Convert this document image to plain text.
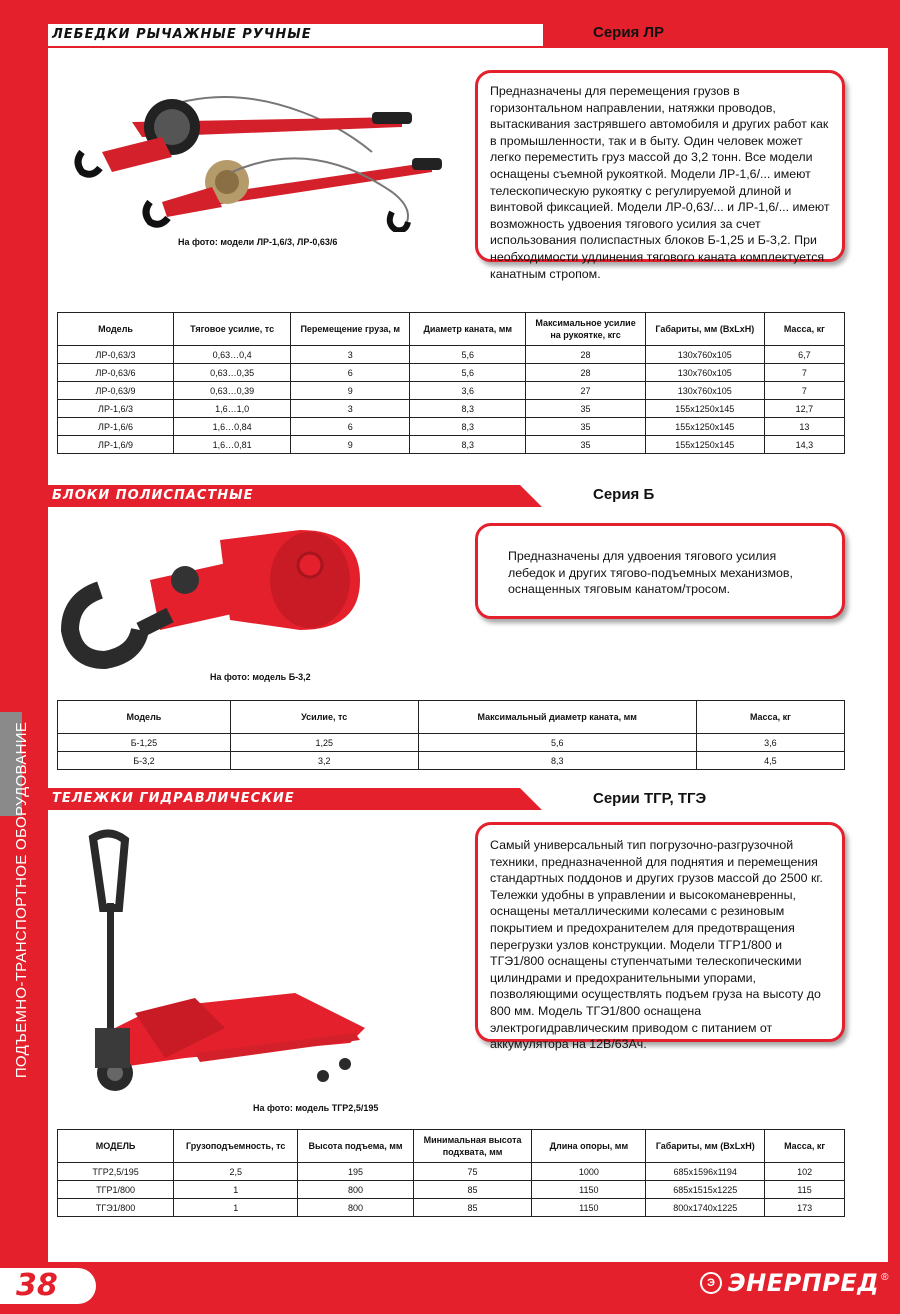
ПОДЪЕМНО-ТРАНСПОРТНОЕ ОБОРУДОВАНИЕ
ЛЕБЕДКИ РЫЧАЖНЫЕ РУЧНЫЕ	Серия ЛР
На фото: модели ЛР-1,6/3, ЛР-0,63/6
Предназначены для перемещения грузов в горизонтальном направлении, натяжки проводов, вытаскивания застрявшего автомобиля и других работ как в промышленности, так и в быту. Один человек может легко переместить груз массой до 3,2 тонн. Все модели оснащены съемной рукояткой. Модели ЛР-1,6/... имеют телескопическую рукоятку с регулируемой длиной и винтовой фиксацией. Модели ЛР-0,63/... и ЛР-1,6/... имеют возможность удвоения тягового усилия за счет использования полиспастных блоков Б-1,25 и Б-3,2. При необходимости удлинения тягового каната комплектуется канатным стропом.
Модель	Тяговое усилие, тс	Перемещение груза, м	Диаметр каната, мм	Максимальное усилие на рукоятке, кгс	Габариты, мм (ВхLхН)	Масса, кг
ЛР-0,63/3	0,63…0,4	3	5,6	28	130х760х105	6,7
ЛР-0,63/6	0,63…0,35	6	5,6	28	130х760х105	7
ЛР-0,63/9	0,63…0,39	9	3,6	27	130х760х105	7
ЛР-1,6/3	1,6…1,0	3	8,3	35	155х1250х145	12,7
ЛР-1,6/6	1,6…0,84	6	8,3	35	155х1250х145	13
ЛР-1,6/9	1,6…0,81	9	8,3	35	155х1250х145	14,3
БЛОКИ ПОЛИСПАСТНЫЕ	Серия Б
На фото: модель Б-3,2
Предназначены для удвоения тягового усилия лебедок и других тягово-подъемных механизмов, оснащенных тяговым канатом/тросом.
Модель	Усилие, тс	Максимальный диаметр каната, мм	Масса, кг
Б-1,25	1,25	5,6	3,6
Б-3,2	3,2	8,3	4,5
ТЕЛЕЖКИ ГИДРАВЛИЧЕСКИЕ	Серии ТГР, ТГЭ
На фото: модель ТГР2,5/195
Самый универсальный тип погрузочно-разгрузочной техники, предназначенной для поднятия и перемещения стандартных поддонов и других грузов массой до 2500 кг. Тележки удобны в управлении и высокоманевренны, оснащены металлическими колесами с резиновым покрытием и предохранителем для предотвращения перегрузки узлов конструкции. Модели ТГР1/800 и ТГЭ1/800 оснащены ступенчатыми телескопическими цилиндрами и предохранительными упорами, позволяющими осуществлять подъем груза на высоту до 800 мм. Модель ТГЭ1/800 оснащена электрогидравлическим приводом с питанием от аккумулятора на 12В/63Ач.
МОДЕЛЬ	Грузоподъемность, тс	Высота подъема, мм	Минимальная высота подхвата, мм	Длина опоры, мм	Габариты, мм (ВхLхН)	Масса, кг
ТГР2,5/195	2,5	195	75	1000	685х1596х1194	102
ТГР1/800	1	800	85	1150	685х1515х1225	115
ТГЭ1/800	1	800	85	1150	800х1740х1225	173
38	Э ЭНЕРПРЕД ®
